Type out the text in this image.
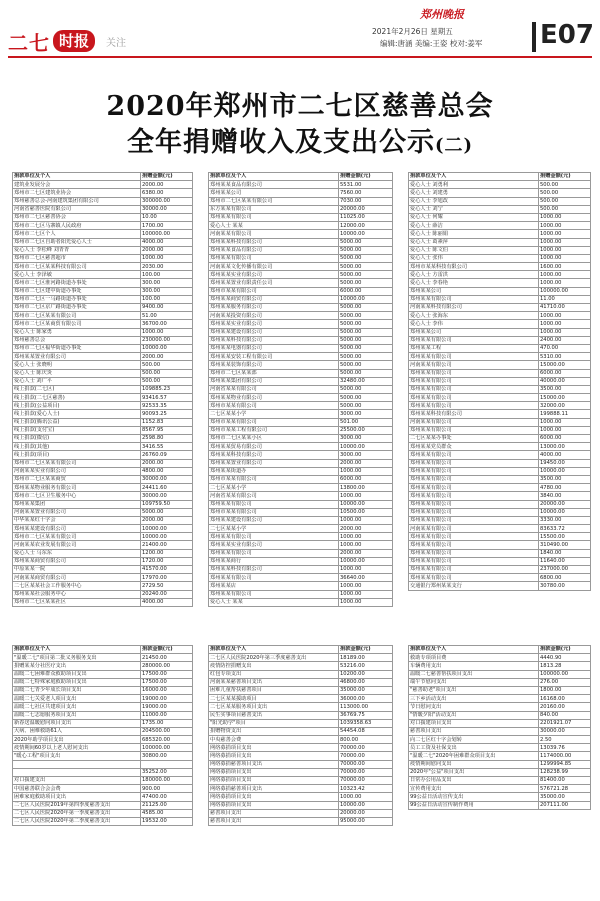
二七 时报	关注
郑州晚报
2021年2月26日 星期五
编辑:唐涵 美编:王姿 校对:姜军 E07
2020年郑州市二七区慈善总会
全年捐赠收入及支出公示(二)
捐款单位及个人	捐赠金额(元)
建筑业发展分会	2000.00
郑州市二七区建筑业协会	6380.00
郑州慈善总会-河南建筑集团有限公司	300000.00
河南省慈善医院有限公司	30000.00
郑州市二七区慈善协会	10.00
郑州市二七区马寨镇人民政府	1700.00
郑州市二七区个人	100000.00
郑州市二七区自助者阳光爱心人士	4000.00
爱心人士 李松峰 刘青青	2000.00
郑州市二七区慈善超市	1000.00
郑州市二七区某某科技有限公司	2030.00
爱心人士 李泽敏	100.00
郑州市二七区淮河路街道办事处	300.00
郑州市二七区建中街道办事处	300.00
郑州市二七区一马路街道办事处	100.00
郑州市二七区京广路街道办事处	9400.00
郑州市二七区某某有限公司	51.00
郑州市二七区某商贸有限公司	36700.00
爱心人士 陈家勇	1000.00
郑州慈善总会	230000.00
郑州市二七区福华街道办事处	10000.00
郑州某某置业有限公司	2000.00
爱心人士 张晓明	500.00
爱心人士 陈庆炎	500.00
爱心人士 刘广平	500.00
线上捐款(二七区)	109885.23
线上捐款(二七区慈善)	93416.57
线上捐款(公益项目)	92533.35
线上捐款(爱心人士)	90093.25
线上捐款(腾讯公益)	1152.83
线上捐款(支付宝)	8567.95
线上捐款(微信)	2598.80
线上捐款(其他)	3416.55
线上捐款(项目)	26760.09
郑州市二七区某某有限公司	2000.00
河南某某实业有限公司	4800.00
郑州市二七区某某商贸	30000.00
郑州某某物业服务有限公司	24411.60
郑州市二七区卫生服务中心	30000.00
郑州某某集团	109759.50
河南某某置业有限公司	5000.00
中华某某红十字会	2000.00
郑州某某建设有限公司	10000.00
郑州市二七区某某有限公司	10000.00
河南某某农业发展有限公司	21400.00
爱心人士 马东东	1200.00
郑州某某商贸有限公司	1720.00
中原某某一院	41570.00
河南某某商贸有限公司	17970.00
二七区某某社会工作服务中心	2729.50
郑州某某社会服务中心	20240.00
郑州市二七区某某社区	4000.00
捐款单位及个人	捐赠金额(元)
郑州某某食品有限公司	5531.00
郑州某某公司	7560.00
郑州市二七区某某有限公司	7030.00
东方某某有限公司	20000.00
郑州某某有限公司	11025.00
爱心人士 某某	12000.00
河南某某有限公司	10000.00
郑州某某科技有限公司	5000.00
郑州某某食品有限公司	5000.00
郑州某某有限公司	5000.00
河南某某文化传播有限公司	5000.00
郑州某某实业有限公司	5000.00
郑州某某置业有限责任公司	5000.00
郑州市某某有限公司	6000.00
郑州某某商贸有限公司	10000.00
郑州某某服务有限公司	5000.00
河南某某投资有限公司	5000.00
郑州某某实业有限公司	5000.00
郑州某某建设有限公司	5000.00
郑州某某科技有限公司	5000.00
郑州某某电器有限公司	5000.00
郑州某某安装工程有限公司	5000.00
郑州某某装饰有限公司	5000.00
郑州市二七区某某部	5000.00
郑州某某集团有限公司	32480.00
河南省某某有限公司	5000.00
郑州某某物业有限公司	5000.00
郑州市某某有限公司	5000.00
二七区某某小学	3000.00
郑州市某某有限公司	501.00
郑州市某某工程有限公司	25500.00
郑州市二七区某某小区	3000.00
郑州某某贸易有限公司	10000.00
郑州某某科技有限公司	3000.00
郑州某某置业有限公司	2000.00
郑州某某街道办	1000.00
郑州市某某有限公司	6000.00
二七区某某小学	13800.00
河南省某某有限公司	1000.00
郑州某某有限公司	10000.00
郑州市某某有限公司	10500.00
郑州某某建设有限公司	1000.00
二七区某某小学	2000.00
郑州某某有限公司	1000.00
郑州某某实业有限公司	1000.00
郑州某某有限公司	2000.00
郑州某某商行	10000.00
郑州某某科技有限公司	1000.00
郑州某某有限公司	36640.00
郑州某某店	1000.00
郑州某某有限公司	1000.00
爱心人士 某某	1000.00
捐款单位及个人	捐赠金额(元)
爱心人士 刘勇利	500.00
爱心人士 刘建勇	500.00
爱心人士 李旭改	500.00
爱心人士 刘宁	500.00
爱心人士 何耀	1000.00
爱心人士 薛洁	1000.00
爱心人士 陈丽娟	1000.00
爱心人士 葛素萍	1000.00
爱心人士 陈文伯	1000.00
爱心人士 张伟	1000.00
郑州市某某科技有限公司	1600.00
爱心人士 方雷洪	1000.00
爱心人士 李春艳	1000.00
郑州某某公司	100000.00
郑州某某有限公司	11.00
河南某某科技有限公司	41710.00
爱心人士 张海东	1000.00
爱心人士 李伟	1000.00
郑州某某公司	1000.00
郑州某某有限公司	2400.00
郑州某某工程	470.00
郑州某某有限公司	5310.00
河南某某有限公司	15000.00
郑州某某有限公司	6000.00
郑州某某有限公司	40000.00
郑州某某有限公司	3500.00
郑州某某有限公司	15000.00
郑州某某有限公司	32000.00
郑州某某科技有限公司	199888.11
河南某某有限公司	1000.00
郑州某某有限公司	1000.00
二七区某某办事处	6000.00
郑州某某党员群众	13000.00
郑州某某有限公司	4000.00
郑州某某有限公司	19450.00
郑州某某有限公司	10000.00
郑州某某有限公司	3500.00
郑州某某有限公司	4780.00
郑州某某有限公司	3840.00
郑州某某有限公司	20000.00
郑州某某有限公司	10000.00
郑州某某有限公司	3330.00
河南某某有限公司	83633.72
郑州某某有限公司	15500.00
郑州某某有限公司	310490.00
郑州某某有限公司	1840.00
郑州某某有限公司	11640.00
郑州某某有限公司	237000.00
郑州某某有限公司	6800.00
交通银行郑州某某支行	30780.00
捐款单位及个人	捐款金额(元)
"温暖二七"项目第二批义务服务支出	21450.00
捐赠某某分社医疗支出	280000.00
温暖二七困难群众救助项目支出	17500.00
温暖二七特殊家庭救助项目支出	17500.00
温暖二七青少年成长项目支出	16000.00
温暖二七关爱老人项目支出	19000.00
温暖二七社区共建项目支出	19000.00
温暖二七志愿服务项目支出	11000.00
新春送温暖慰问项目支出	1735.00
大病、困难救助61人	204500.00
2020年助学项目支出	685320.00
疫情期间60岁以上老人慰问支出	100000.00
"暖心工程"项目支出	30800.00

	35252.00
对口援建支出	180000.00
中国慈善联合会会费	900.00
困难家庭救助项目支出	47400.00
二七区人民医院2019年第四季度慈善支出	21125.00
二七区人民医院2020年第一季度慈善支出	4585.00
二七区人民医院2020年第二季度慈善支出	19532.00
捐款单位及个人	捐款金额(元)
二七区人民医院2020年第三季度慈善支出	18189.00
疫情防控捐赠支出	53216.00
红包专项支出	10200.00
河南某某慈善项目支出	46800.00
困难儿童帮扶慈善项目	35000.00
二七区某某援助项目	36000.00
二七区某某服务项目支出	113000.00
民生实事项目慈善支出	36769.75
"阳光助学"项目	1039358.63
捐赠物资支出	54454.08
中央慈善会费	800.00
网络募捐项目支出	70000.00
网络募捐项目支出	70000.00
网络募捐慈善项目支出	70000.00
网络募捐项目支出	70000.00
网络募捐项目支出	70000.00
网络募捐慈善项目支出	10323.42
网络募捐项目支出	1000.00
网络募捐项目支出	10000.00
慈善项目支出	20000.00
慈善项目支出	95000.00
捐款单位及个人	捐款金额(元)
救助专项项目费	4440.90
车辆费用支出	1813.28
温暖二七慈善帮扶项目支出	100000.00
端午节慰问支出	276.00
"慈善助老"项目支出	1800.00
三下乡活动支出	16168.00
节日慰问支出	20160.00
"情暖夕阳"活动支出	840.00
对口援建项目支出	2201921.07
慈善项目支出	30000.00
向二七区红十字会划转	2.50
员工工资及社保支出	13039.76
"温暖二七"2020年困难群众项目支出	1174000.00
疫情期间慰问支出	1299994.85
2020年"公益"项目支出	128238.99
日常办公用品支出	81400.00
宣传费用支出	576721.28
99公益日活动宣传支出	35000.00
99公益日活动宣传制作费用	207111.00
